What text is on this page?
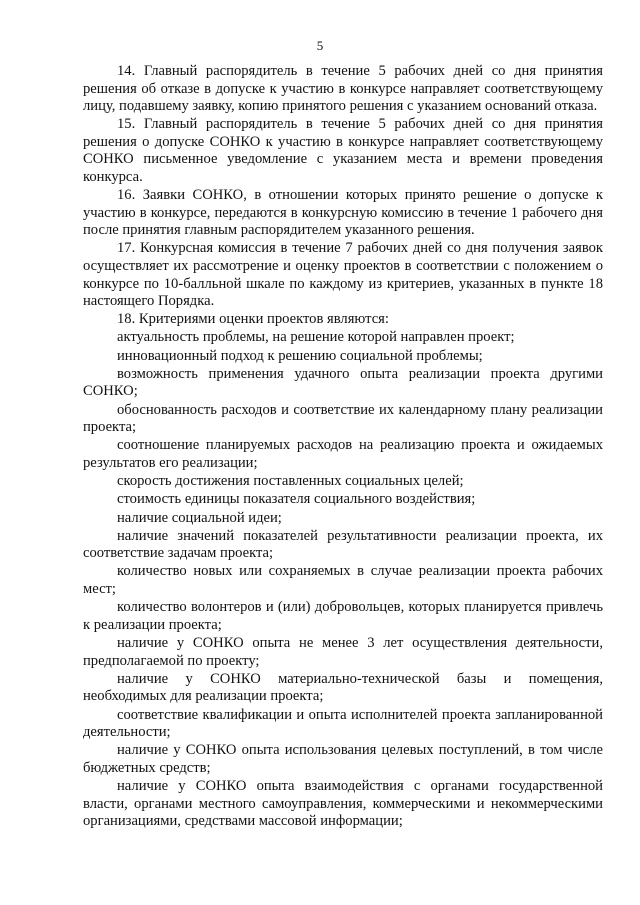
5

14. Главный распорядитель в течение 5 рабочих дней со дня принятия решения об отказе в допуске к участию в конкурсе направляет соответствующему лицу, подавшему заявку, копию принятого решения с указанием оснований отказа.

15. Главный распорядитель в течение 5 рабочих дней со дня принятия решения о допуске СОНКО к участию в конкурсе направляет соответствующему СОНКО письменное уведомление с указанием места и времени проведения конкурса.

16. Заявки СОНКО, в отношении которых принято решение о допуске к участию в конкурсе, передаются в конкурсную комиссию в течение 1 рабочего дня после принятия главным распорядителем указанного решения.

17. Конкурсная комиссия в течение 7 рабочих дней со дня получения заявок осуществляет их рассмотрение и оценку проектов в соответствии с положением о конкурсе по 10-балльной шкале по каждому из критериев, указанных в пункте 18 настоящего Порядка.

18. Критериями оценки проектов являются:

актуальность проблемы, на решение которой направлен проект;

инновационный подход к решению социальной проблемы;

возможность применения удачного опыта реализации проекта другими СОНКО;

обоснованность расходов и соответствие их календарному плану реализации проекта;

соотношение планируемых расходов на реализацию проекта и ожидаемых результатов его реализации;

скорость достижения поставленных социальных целей;

стоимость единицы показателя социального воздействия;

наличие социальной идеи;

наличие значений показателей результативности реализации проекта, их соответствие задачам проекта;

количество новых или сохраняемых в случае реализации проекта рабочих мест;

количество волонтеров и (или) добровольцев, которых планируется привлечь к реализации проекта;

наличие у СОНКО опыта не менее 3 лет осуществления деятельности, предполагаемой по проекту;

наличие у СОНКО материально-технической базы и помещения, необходимых для реализации проекта;

соответствие квалификации и опыта исполнителей проекта запланированной деятельности;

наличие у СОНКО опыта использования целевых поступлений, в том числе бюджетных средств;

наличие у СОНКО опыта взаимодействия с органами государственной власти, органами местного самоуправления, коммерческими и некоммерческими организациями, средствами массовой информации;
